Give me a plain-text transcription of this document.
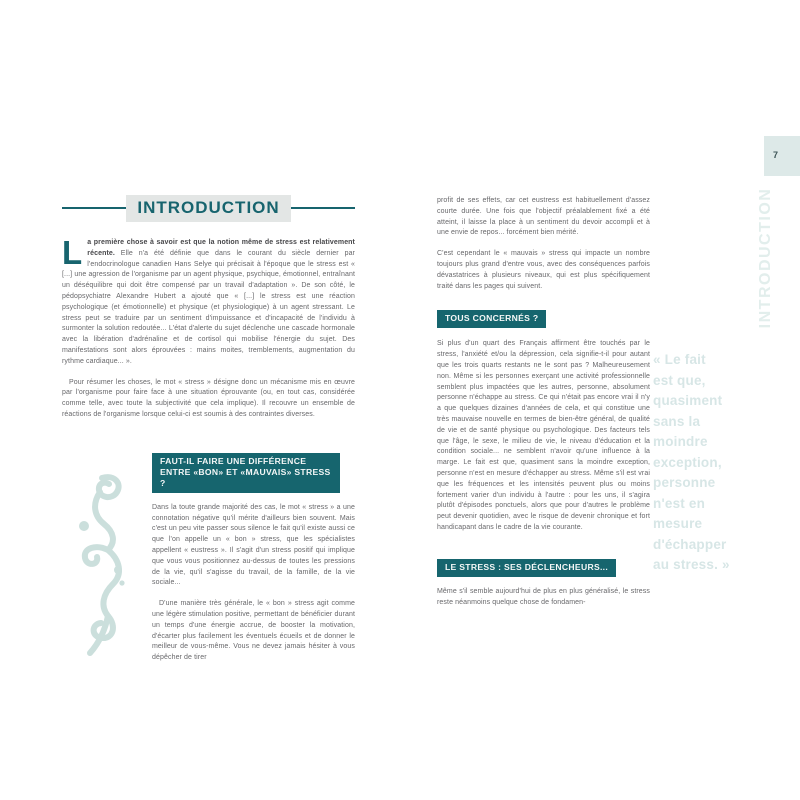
INTRODUCTION

La première chose à savoir est que la notion même de stress est relativement récente. Elle n'a été définie que dans le courant du siècle dernier par l'endocrinologue canadien Hans Selye qui précisait à l'époque que le stress est « [...] une agression de l'organisme par un agent physique, psychique, émotionnel, entraînant un déséquilibre qui doit être compensé par un travail d'adaptation ». De son côté, le pédopsychiatre Alexandre Hubert a ajouté que « [...] le stress est une réaction psychologique (et émotionnelle) et physique (et physiologique) à un agent stressant. Le stress peut se traduire par un sentiment d'impuissance et d'incapacité de l'individu à surmonter la solution redoutée... L'état d'alerte du sujet déclenche une cascade hormonale avec la libération d'adrénaline et de cortisol qui mobilise l'énergie du sujet. Des manifestations sont alors éprouvées : mains moites, tremblements, augmentation du rythme cardiaque... ».

Pour résumer les choses, le mot « stress » désigne donc un mécanisme mis en œuvre par l'organisme pour faire face à une situation éprouvante (ou, en tout cas, considérée comme telle, avec toute la subjectivité que cela implique). Il recouvre un ensemble de réactions de l'organisme lorsque celui-ci est soumis à des contraintes diverses.

FAUT-IL FAIRE UNE DIFFÉRENCE ENTRE «BON» ET «MAUVAIS» STRESS ?

Dans la toute grande majorité des cas, le mot « stress » a une connotation négative qu'il mérite d'ailleurs bien souvent. Mais c'est un peu vite passer sous silence le fait qu'il existe aussi ce que l'on appelle un « bon » stress, que les spécialistes appellent « eustress ». Il s'agit d'un stress positif qui implique que vous vous positionnez au-dessus de toutes les pressions de la vie, qu'il s'agisse du travail, de la famille, de la vie sociale...

D'une manière très générale, le « bon » stress agit comme une légère stimulation positive, permettant de bénéficier durant un temps d'une énergie accrue, de booster la motivation, d'écarter plus facilement les éventuels écueils et de donner le meilleur de vous-même. Vous ne devez jamais hésiter à vous dépêcher de tirer

profit de ses effets, car cet eustress est habituellement d'assez courte durée. Une fois que l'objectif préalablement fixé a été atteint, il laisse la place à un sentiment du devoir accompli et à une envie de repos... forcément bien mérité.

C'est cependant le « mauvais » stress qui impacte un nombre toujours plus grand d'entre vous, avec des conséquences parfois dévastatrices à plusieurs niveaux, qui est plus spécifiquement traité dans les pages qui suivent.

TOUS CONCERNÉS ?

Si plus d'un quart des Français affirment être touchés par le stress, l'anxiété et/ou la dépression, cela signifie-t-il pour autant que les trois quarts restants ne le sont pas ? Malheureusement non. Même si les personnes exerçant une activité professionnelle semblent plus impactées que les autres, personne, absolument personne n'échappe au stress. Ce qui n'était pas encore vrai il n'y a que quelques dizaines d'années de cela, et qui constitue une très mauvaise nouvelle en termes de bien-être général, de qualité de vie et de santé physique ou psychologique. Des facteurs tels que l'âge, le sexe, le milieu de vie, le niveau d'éducation et la condition sociale... ne semblent n'avoir qu'une influence à la marge. Le fait est que, quasiment sans la moindre exception, personne n'est en mesure d'échapper au stress. Même s'il est vrai que les fréquences et les intensités peuvent plus ou moins fortement varier d'un individu à l'autre : pour les uns, il s'agira plutôt d'épisodes ponctuels, alors que pour d'autres le problème peut devenir quotidien, avec le risque de devenir chronique et fort handicapant dans le cadre de la vie courante.

LE STRESS : SES DÉCLENCHEURS...

Même s'il semble aujourd'hui de plus en plus généralisé, le stress reste néanmoins quelque chose de fondamen-

« Le fait
est que,
quasiment
sans la
moindre
exception,
personne
n'est en
mesure
d'échapper
au stress. »
7
INTRODUCTION
